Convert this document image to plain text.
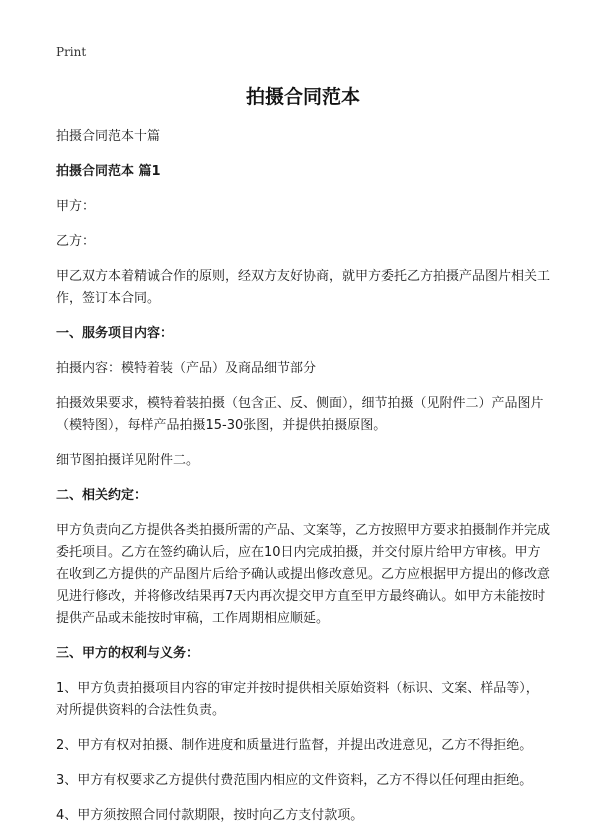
Print
拍摄合同范本

拍摄合同范本十篇

拍摄合同范本 篇1

甲方：

乙方：

甲乙双方本着精诚合作的原则，经双方友好协商，就甲方委托乙方拍摄产品图片相关工作，签订本合同。

一、服务项目内容：

拍摄内容：模特着装（产品）及商品细节部分

拍摄效果要求，模特着装拍摄（包含正、反、侧面），细节拍摄（见附件二）产品图片（模特图），每样产品拍摄15-30张图，并提供拍摄原图。

细节图拍摄详见附件二。

二、相关约定：

甲方负责向乙方提供各类拍摄所需的产品、文案等，乙方按照甲方要求拍摄制作并完成委托项目。乙方在签约确认后，应在10日内完成拍摄，并交付原片给甲方审核。甲方在收到乙方提供的产品图片后给予确认或提出修改意见。乙方应根据甲方提出的修改意见进行修改，并将修改结果再7天内再次提交甲方直至甲方最终确认。如甲方未能按时提供产品或未能按时审稿，工作周期相应顺延。

三、甲方的权利与义务：

1、甲方负责拍摄项目内容的审定并按时提供相关原始资料（标识、文案、样品等），对所提供资料的合法性负责。

2、甲方有权对拍摄、制作进度和质量进行监督，并提出改进意见，乙方不得拒绝。

3、甲方有权要求乙方提供付费范围内相应的文件资料，乙方不得以任何理由拒绝。

4、甲方须按照合同付款期限，按时向乙方支付款项。
